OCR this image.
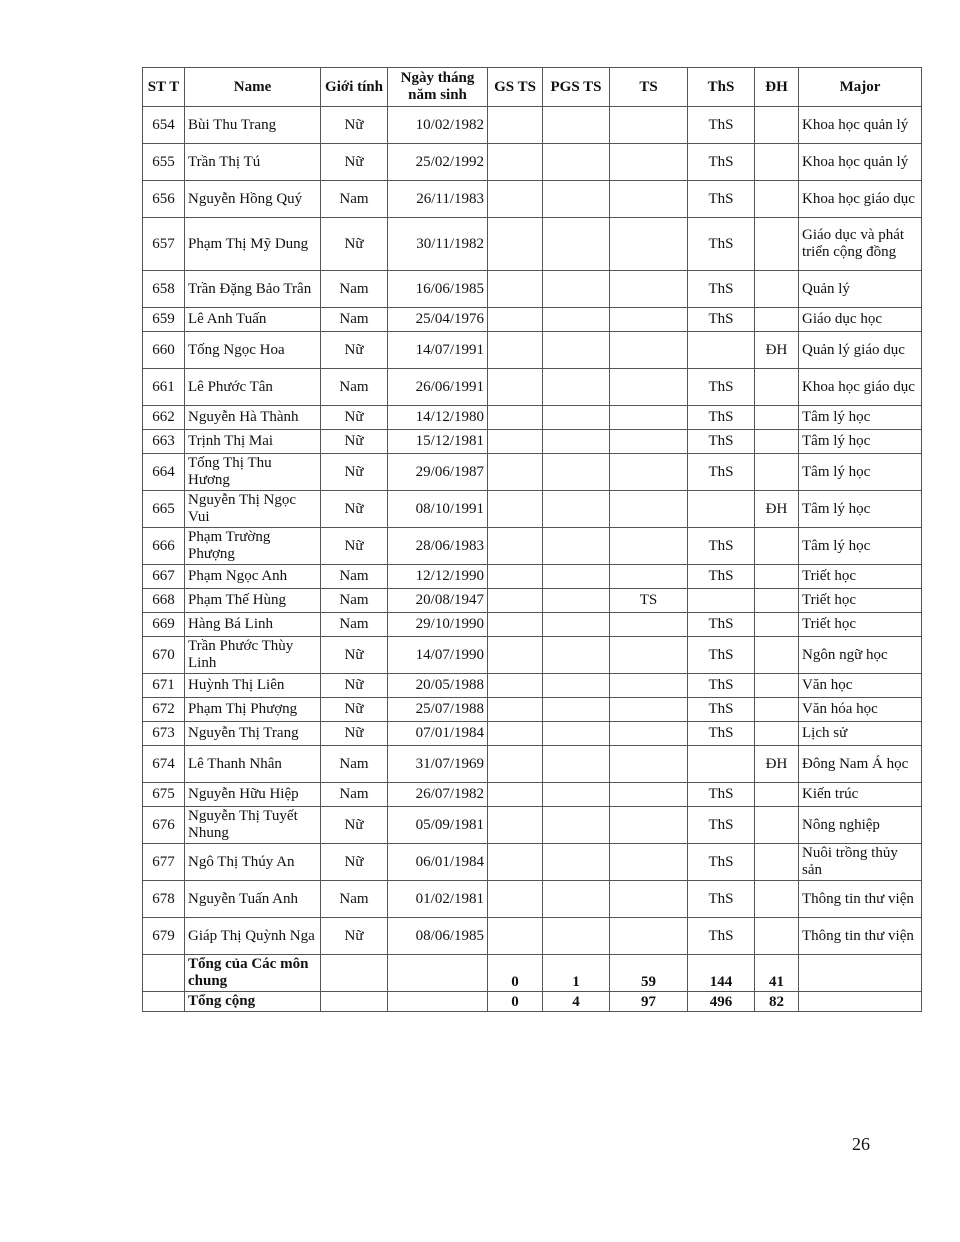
ST T	Name	Giới tính	Ngày tháng năm sinh	GS TS	PGS TS	TS	ThS	ĐH	Major
654	Bùi Thu Trang	Nữ	10/02/1982				ThS		Khoa học quản lý
655	Trần Thị Tú	Nữ	25/02/1992				ThS		Khoa học quản lý
656	Nguyễn Hồng Quý	Nam	26/11/1983				ThS		Khoa học giáo dục
657	Phạm Thị Mỹ Dung	Nữ	30/11/1982				ThS		Giáo dục và phát triển cộng đồng
658	Trần Đặng Bảo Trân	Nam	16/06/1985				ThS		Quản lý
659	Lê Anh Tuấn	Nam	25/04/1976				ThS		Giáo dục học
660	Tống Ngọc Hoa	Nữ	14/07/1991					ĐH	Quản lý giáo dục
661	Lê Phước Tân	Nam	26/06/1991				ThS		Khoa học giáo dục
662	Nguyễn Hà Thành	Nữ	14/12/1980				ThS		Tâm lý học
663	Trịnh Thị Mai	Nữ	15/12/1981				ThS		Tâm lý học
664	Tống Thị Thu Hương	Nữ	29/06/1987				ThS		Tâm lý học
665	Nguyễn Thị Ngọc Vui	Nữ	08/10/1991					ĐH	Tâm lý học
666	Phạm Trường Phượng	Nữ	28/06/1983				ThS		Tâm lý học
667	Phạm Ngọc Anh	Nam	12/12/1990				ThS		Triết học
668	Phạm Thế Hùng	Nam	20/08/1947			TS			Triết học
669	Hàng Bá Linh	Nam	29/10/1990				ThS		Triết học
670	Trần Phước Thùy Linh	Nữ	14/07/1990				ThS		Ngôn ngữ học
671	Huỳnh Thị Liên	Nữ	20/05/1988				ThS		Văn học
672	Phạm Thị Phượng	Nữ	25/07/1988				ThS		Văn hóa học
673	Nguyễn Thị Trang	Nữ	07/01/1984				ThS		Lịch sử
674	Lê Thanh Nhân	Nam	31/07/1969					ĐH	Đông Nam Á học
675	Nguyễn Hữu Hiệp	Nam	26/07/1982				ThS		Kiến trúc
676	Nguyễn Thị Tuyết Nhung	Nữ	05/09/1981				ThS		Nông nghiệp
677	Ngô Thị Thúy An	Nữ	06/01/1984				ThS		Nuôi trồng thủy sản
678	Nguyễn Tuấn Anh	Nam	01/02/1981				ThS		Thông tin thư viện
679	Giáp Thị Quỳnh Nga	Nữ	08/06/1985				ThS		Thông tin thư viện
	Tổng của Các môn chung			0	1	59	144	41	
	Tổng cộng			0	4	97	496	82	
26
